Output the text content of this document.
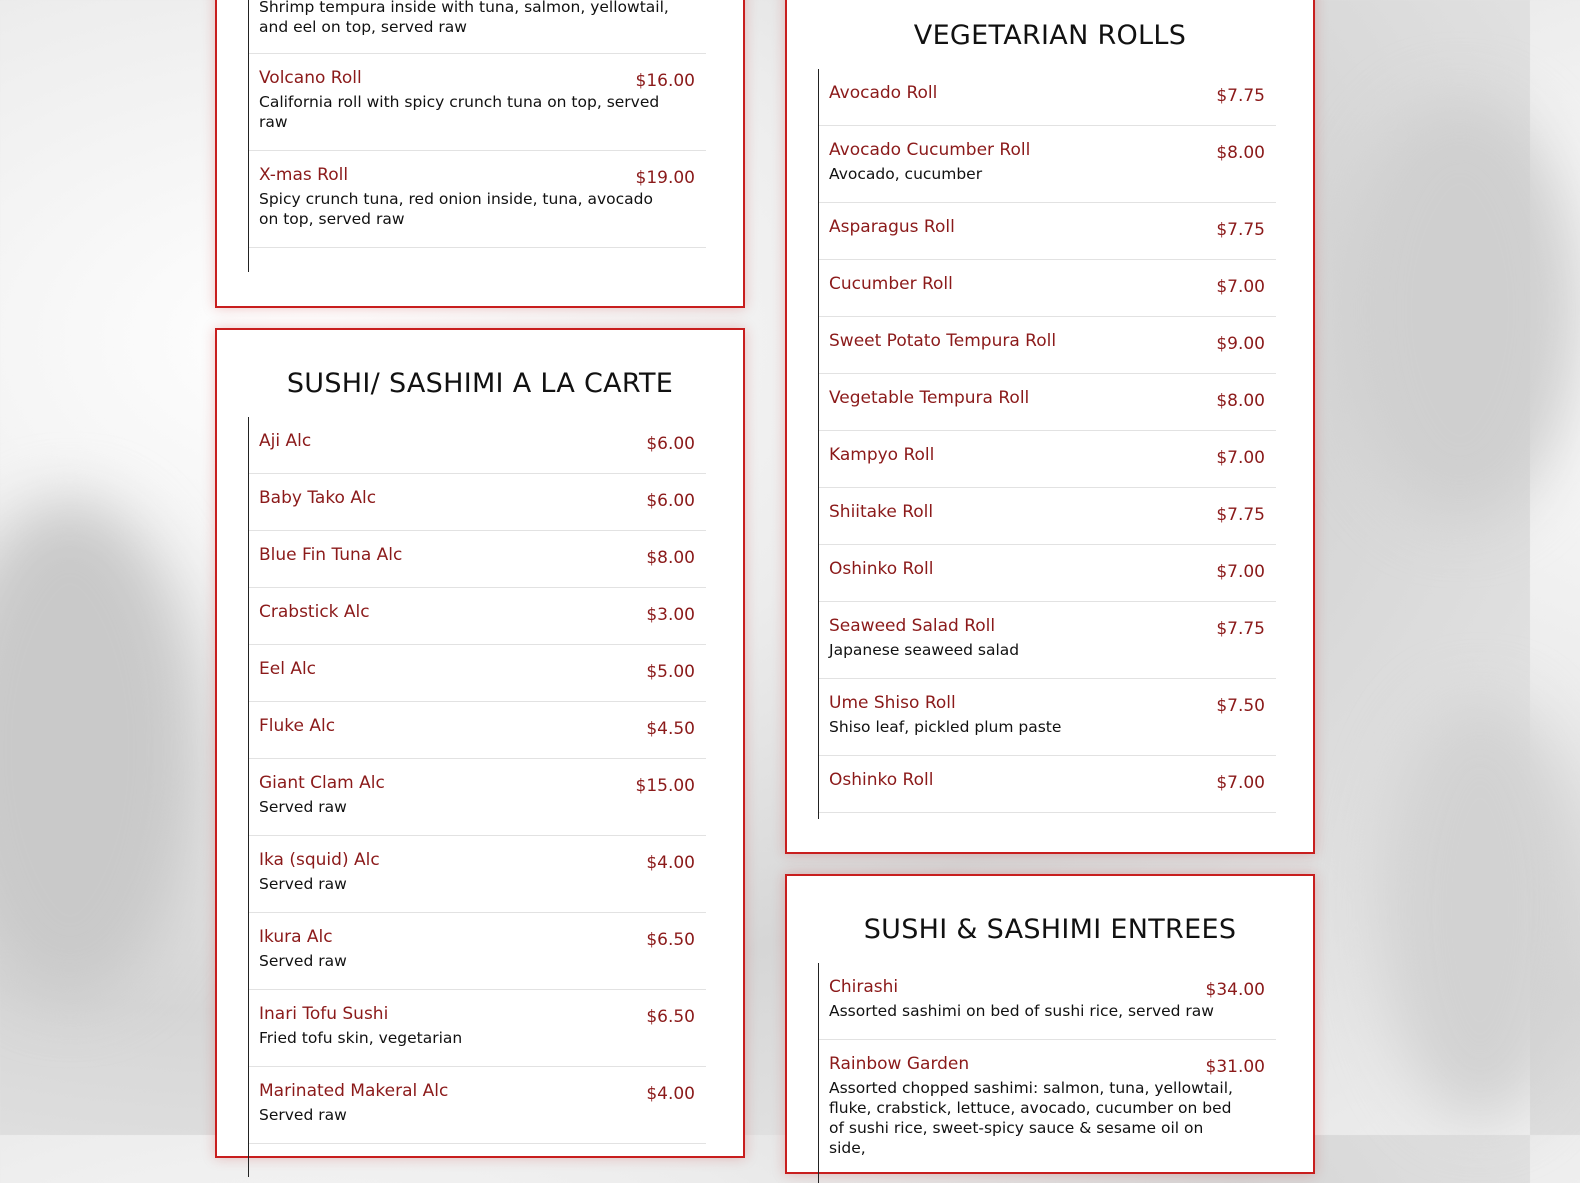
Shrimp tempura inside with tuna, salmon, yellowtail, and eel on top, served raw
Volcano Roll	$16.00
California roll with spicy crunch tuna on top, served raw
X-mas Roll	$19.00
Spicy crunch tuna, red onion inside, tuna, avocado on top, served raw
SUSHI/ SASHIMI A LA CARTE
Aji Alc	$6.00
Baby Tako Alc	$6.00
Blue Fin Tuna Alc	$8.00
Crabstick Alc	$3.00
Eel Alc	$5.00
Fluke Alc	$4.50
Giant Clam Alc	$15.00
Served raw
Ika (squid) Alc	$4.00
Served raw
Ikura Alc	$6.50
Served raw
Inari Tofu Sushi	$6.50
Fried tofu skin, vegetarian
Marinated Makeral Alc	$4.00
Served raw
VEGETARIAN ROLLS
Avocado Roll	$7.75
Avocado Cucumber Roll	$8.00
Avocado, cucumber
Asparagus Roll	$7.75
Cucumber Roll	$7.00
Sweet Potato Tempura Roll	$9.00
Vegetable Tempura Roll	$8.00
Kampyo Roll	$7.00
Shiitake Roll	$7.75
Oshinko Roll	$7.00
Seaweed Salad Roll	$7.75
Japanese seaweed salad
Ume Shiso Roll	$7.50
Shiso leaf, pickled plum paste
Oshinko Roll	$7.00
SUSHI & SASHIMI ENTREES
Chirashi	$34.00
Assorted sashimi on bed of sushi rice, served raw
Rainbow Garden	$31.00
Assorted chopped sashimi: salmon, tuna, yellowtail, fluke, crabstick, lettuce, avocado, cucumber on bed of sushi rice, sweet-spicy sauce & sesame oil on side,
